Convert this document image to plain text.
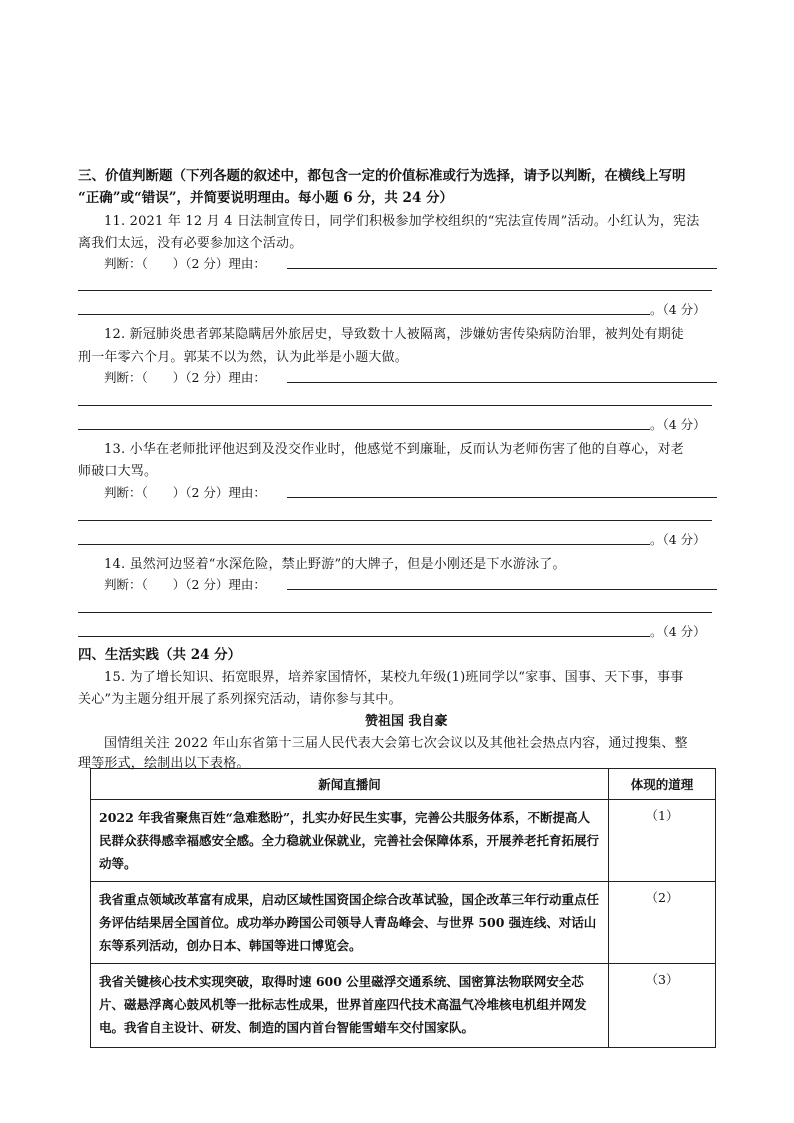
三、价值判断题（下列各题的叙述中，都包含一定的价值标准或行为选择，请予以判断，在横线上写明
“正确”或“错误”，并简要说明理由。每小题 6 分，共 24 分）
11. 2021 年 12 月 4 日法制宣传日，同学们积极参加学校组织的“宪法宣传周”活动。小红认为，宪法
离我们太远，没有必要参加这个活动。
判断：（　　）（2 分）理由：
。（4 分）
12. 新冠肺炎患者郭某隐瞒居外旅居史，导致数十人被隔离，涉嫌妨害传染病防治罪，被判处有期徒
刑一年零六个月。郭某不以为然，认为此举是小题大做。
判断：（　　）（2 分）理由：
。（4 分）
13. 小华在老师批评他迟到及没交作业时，他感觉不到廉耻，反而认为老师伤害了他的自尊心，对老
师破口大骂。
判断：（　　）（2 分）理由：
。（4 分）
14. 虽然河边竖着“水深危险，禁止野游”的大牌子，但是小刚还是下水游泳了。
判断：（　　）（2 分）理由：
。（4 分）
四、生活实践（共 24 分）
15. 为了增长知识、拓宽眼界，培养家国情怀，某校九年级(1)班同学以“家事、国事、天下事，事事
关心”为主题分组开展了系列探究活动，请你参与其中。
赞祖国 我自豪
国情组关注 2022 年山东省第十三届人民代表大会第七次会议以及其他社会热点内容，通过搜集、整
理等形式，绘制出以下表格。
新闻直播间	体现的道理
2022 年我省聚焦百姓“急难愁盼”，扎实办好民生实事，完善公共服务体系，不断提高人民群众获得感幸福感安全感。全力稳就业保就业，完善社会保障体系，开展养老托育拓展行动等。	（1）
我省重点领域改革富有成果，启动区域性国资国企综合改革试验，国企改革三年行动重点任务评估结果居全国首位。成功举办跨国公司领导人青岛峰会、与世界 500 强连线、对话山东等系列活动，创办日本、韩国等进口博览会。	（2）
我省关键核心技术实现突破，取得时速 600 公里磁浮交通系统、国密算法物联网安全芯片、磁悬浮离心鼓风机等一批标志性成果，世界首座四代技术高温气冷堆核电机组并网发电。我省自主设计、研发、制造的国内首台智能雪蜡车交付国家队。	（3）
